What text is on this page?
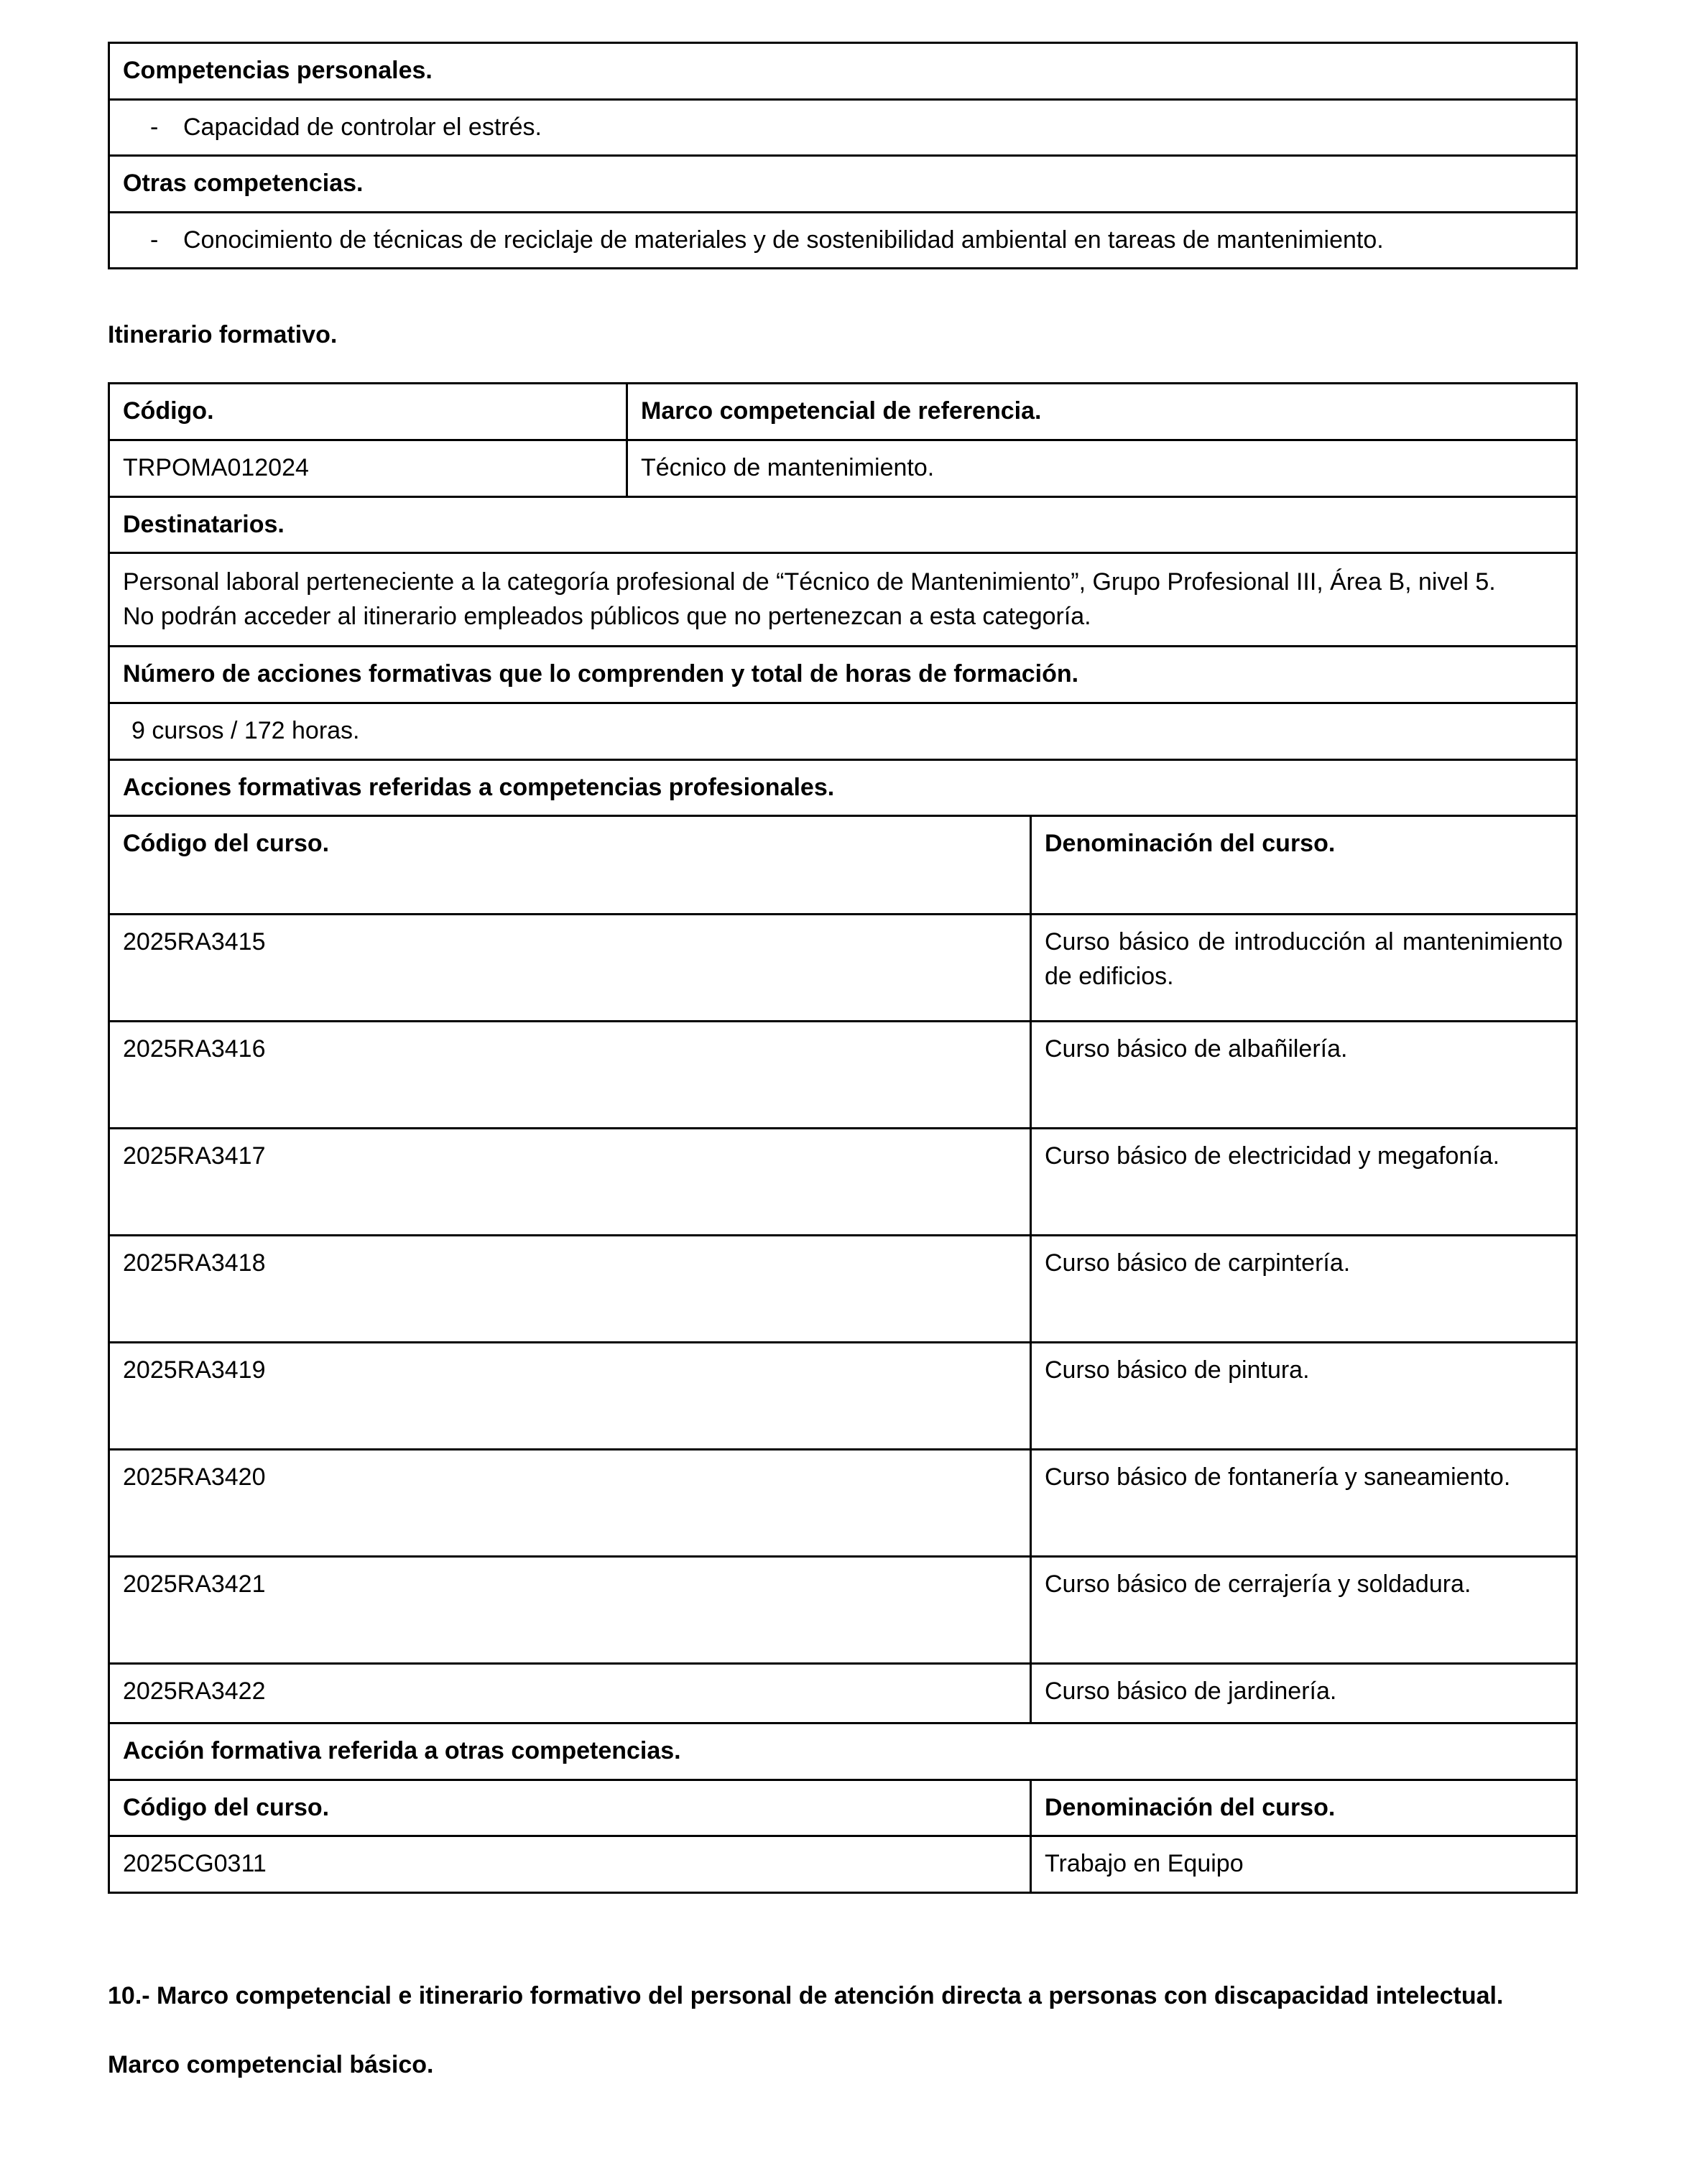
Competencias personales.
-	Capacidad de controlar el estrés.
Otras competencias.
-	Conocimiento de técnicas de reciclaje de materiales y de sostenibilidad ambiental en tareas de mantenimiento.
Itinerario formativo.
Código.	Marco competencial de referencia.
TRPOMA012024	Técnico de mantenimiento.
Destinatarios.
Personal laboral perteneciente a la categoría profesional de “Técnico de Mantenimiento”, Grupo Profesional III, Área B, nivel 5.
No podrán acceder al itinerario empleados públicos que no pertenezcan a esta categoría.
Número de acciones formativas que lo comprenden y total de horas de formación.
9 cursos / 172 horas.
Acciones formativas referidas a competencias profesionales.
Código del curso.	Denominación del curso.
2025RA3415	Curso básico de introducción al mantenimiento de edificios.
2025RA3416	Curso básico de albañilería.
2025RA3417	Curso básico de electricidad y megafonía.
2025RA3418	Curso básico de carpintería.
2025RA3419	Curso básico de pintura.
2025RA3420	Curso básico de fontanería y saneamiento.
2025RA3421	Curso básico de cerrajería y soldadura.
2025RA3422	Curso básico de jardinería.
Acción formativa referida a otras competencias.
Código del curso.	Denominación del curso.
2025CG0311	Trabajo en Equipo
10.- Marco competencial e itinerario formativo del personal de atención directa a personas con discapacidad intelectual.
Marco competencial básico.
